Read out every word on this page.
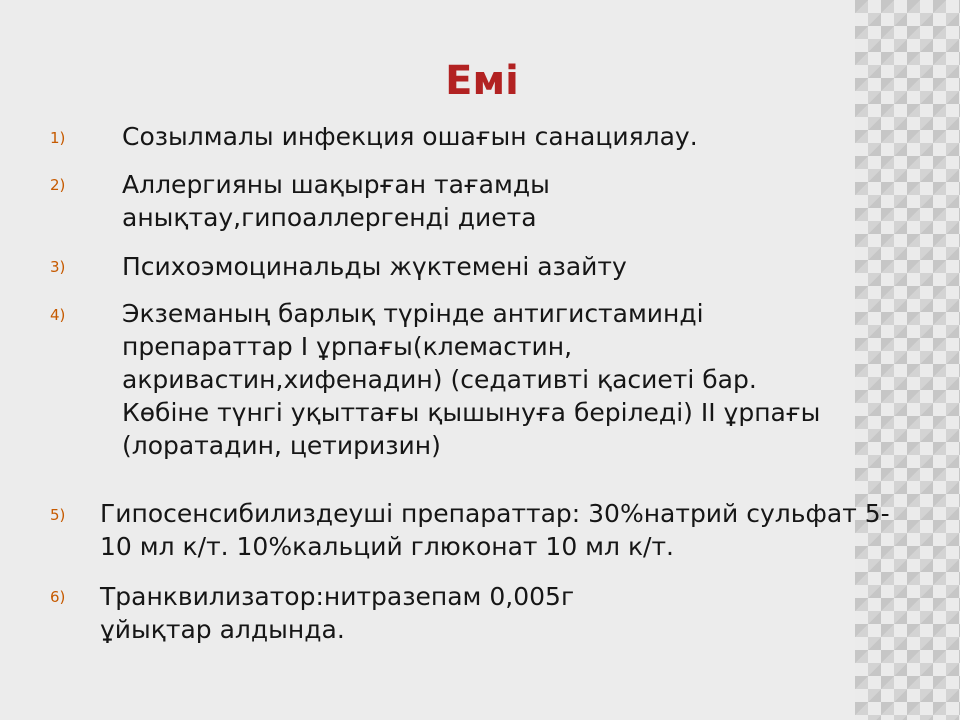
Емі
1) Созылмалы инфекция ошағын санациялау.
2) Аллергияны шақырған тағамды анықтау,гипоаллергенді диета
3) Психоэмоцинальды жүктемені азайту
4) Экземаның барлық түрінде антигистаминді препараттар І ұрпағы(клемастин, акривастин,хифенадин) (седативті қасиеті бар. Көбіне түнгі уқыттағы қышынуға беріледі) ІІ ұрпағы (лоратадин, цетиризин)
5) Гипосенсибилиздеуші препараттар: 30%натрий сульфат 5-10 мл к/т. 10%кальций глюконат 10 мл к/т.
6) Транквилизатор:нитразепам 0,005г ұйықтар алдында.
